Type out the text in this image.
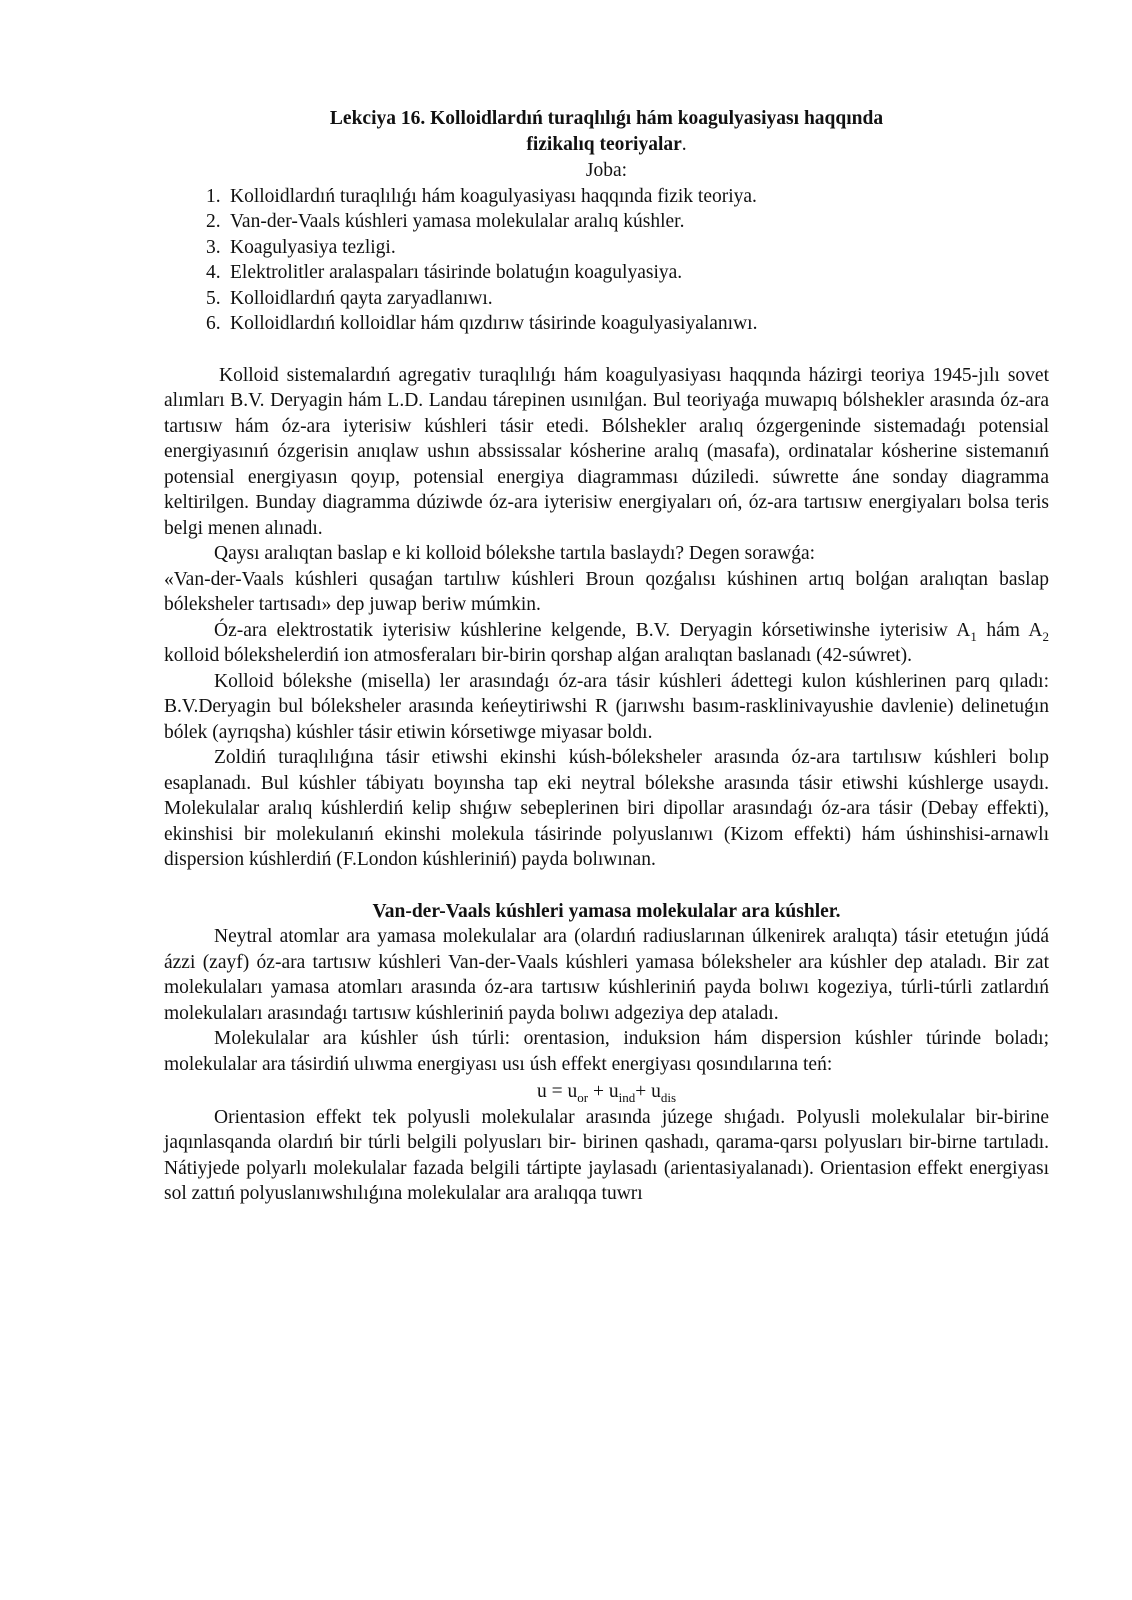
Lekciya 16. Kolloidlardıń turaqlılıǵı hám koagulyasiyası haqqında
fizikalıq teoriyalar.

Joba:

1. Kolloidlardıń turaqlılıǵı hám koagulyasiyası haqqında fizik teoriya.
2. Van-der-Vaals kúshleri yamasa molekulalar aralıq kúshler.
3. Koagulyasiya tezligi.
4. Elektrolitler aralaspaları tásirinde bolatuǵın koagulyasiya.
5. Kolloidlardıń qayta zaryadlanıwı.
6. Kolloidlardıń kolloidlar hám qızdırıw tásirinde koagulyasiyalanıwı.

Kolloid sistemalardıń agregativ turaqlılıǵı hám koagulyasiyası haqqında házirgi teoriya 1945-jılı sovet alımları B.V. Deryagin hám L.D. Landau tárepinen usınılǵan. Bul teoriyaǵa muwapıq bólshekler arasında óz-ara tartısıw hám óz-ara iyterisiw kúshleri tásir etedi. Bólshekler aralıq ózgergeninde sistemadaǵı potensial energiyasınıń ózgerisin anıqlaw ushın abssissalar kósherine aralıq (masafa), ordinatalar kósherine sistemanıń potensial energiyasın qoyıp, potensial energiya diagramması dúziledi. súwrette áne sonday diagramma keltirilgen. Bunday diagramma dúziwde óz-ara iyterisiw energiyaları oń, óz-ara tartısıw energiyaları bolsa teris belgi menen alınadı.

Qaysı aralıqtan baslap e ki kolloid bólekshe tartıla baslaydı? Degen sorawǵa:

«Van-der-Vaals kúshleri qusaǵan tartılıw kúshleri Broun qozǵalısı kúshinen artıq bolǵan aralıqtan baslap bóleksheler tartısadı» dep juwap beriw múmkin.

Óz-ara elektrostatik iyterisiw kúshlerine kelgende, B.V. Deryagin kórsetiwinshe iyterisiw $A_1$ hám $A_2$ kolloid bólekshelerdiń ion atmosferaları bir-birin qorshap alǵan aralıqtan baslanadı (42-súwret).

Kolloid bólekshe (misella) ler arasındaǵı óz-ara tásir kúshleri ádettegi kulon kúshlerinen parq qıladı: B.V.Deryagin bul bóleksheler arasında keńeytiriwshi R (jarıwshı basım-rasklinivayushie davlenie) delinetuǵın bólek (ayrıqsha) kúshler tásir etiwin kórsetiwge miyasar boldı.

Zoldiń turaqlılıǵına tásir etiwshi ekinshi kúsh-bóleksheler arasında óz-ara tartılısıw kúshleri bolıp esaplanadı. Bul kúshler tábiyatı boyınsha tap eki neytral bólekshe arasında tásir etiwshi kúshlerge usaydı. Molekulalar aralıq kúshlerdiń kelip shıǵıw sebeplerinen biri dipollar arasındaǵı óz-ara tásir (Debay effekti), ekinshisi bir molekulanıń ekinshi molekula tásirinde polyuslanıwı (Kizom effekti) hám úshinshisi-arnawlı dispersion kúshlerdiń (F.London kúshleriniń) payda bolıwınan.

Van-der-Vaals kúshleri yamasa molekulalar ara kúshler.

Neytral atomlar ara yamasa molekulalar ara (olardıń radiuslarınan úlkenirek aralıqta) tásir etetuǵın júdá ázzi (zayf) óz-ara tartısıw kúshleri Van-der-Vaals kúshleri yamasa bóleksheler ara kúshler dep ataladı. Bir zat molekulaları yamasa atomları arasında óz-ara tartısıw kúshleriniń payda bolıwı kogeziya, túrli-túrli zatlardıń molekulaları arasındaǵı tartısıw kúshleriniń payda bolıwı adgeziya dep ataladı.

Molekulalar ara kúshler úsh túrli: orentasion, induksion hám dispersion kúshler túrinde boladı; molekulalar ara tásirdiń ulıwma energiyası usı úsh effekt energiyası qosındılarına teń:

$u = u_{or} + u_{ind}+ u_{dis}$

Orientasion effekt tek polyusli molekulalar arasında júzege shıǵadı. Polyusli molekulalar bir-birine jaqınlasqanda olardıń bir túrli belgili polyusları bir- birinen qashadı, qarama-qarsı polyusları bir-birne tartıladı. Nátiyjede polyarlı molekulalar fazada belgili tártipte jaylasadı (arientasiyalanadı). Orientasion effekt energiyası sol zattıń polyuslanıwshılıǵına molekulalar ara aralıqqa tuwrı
